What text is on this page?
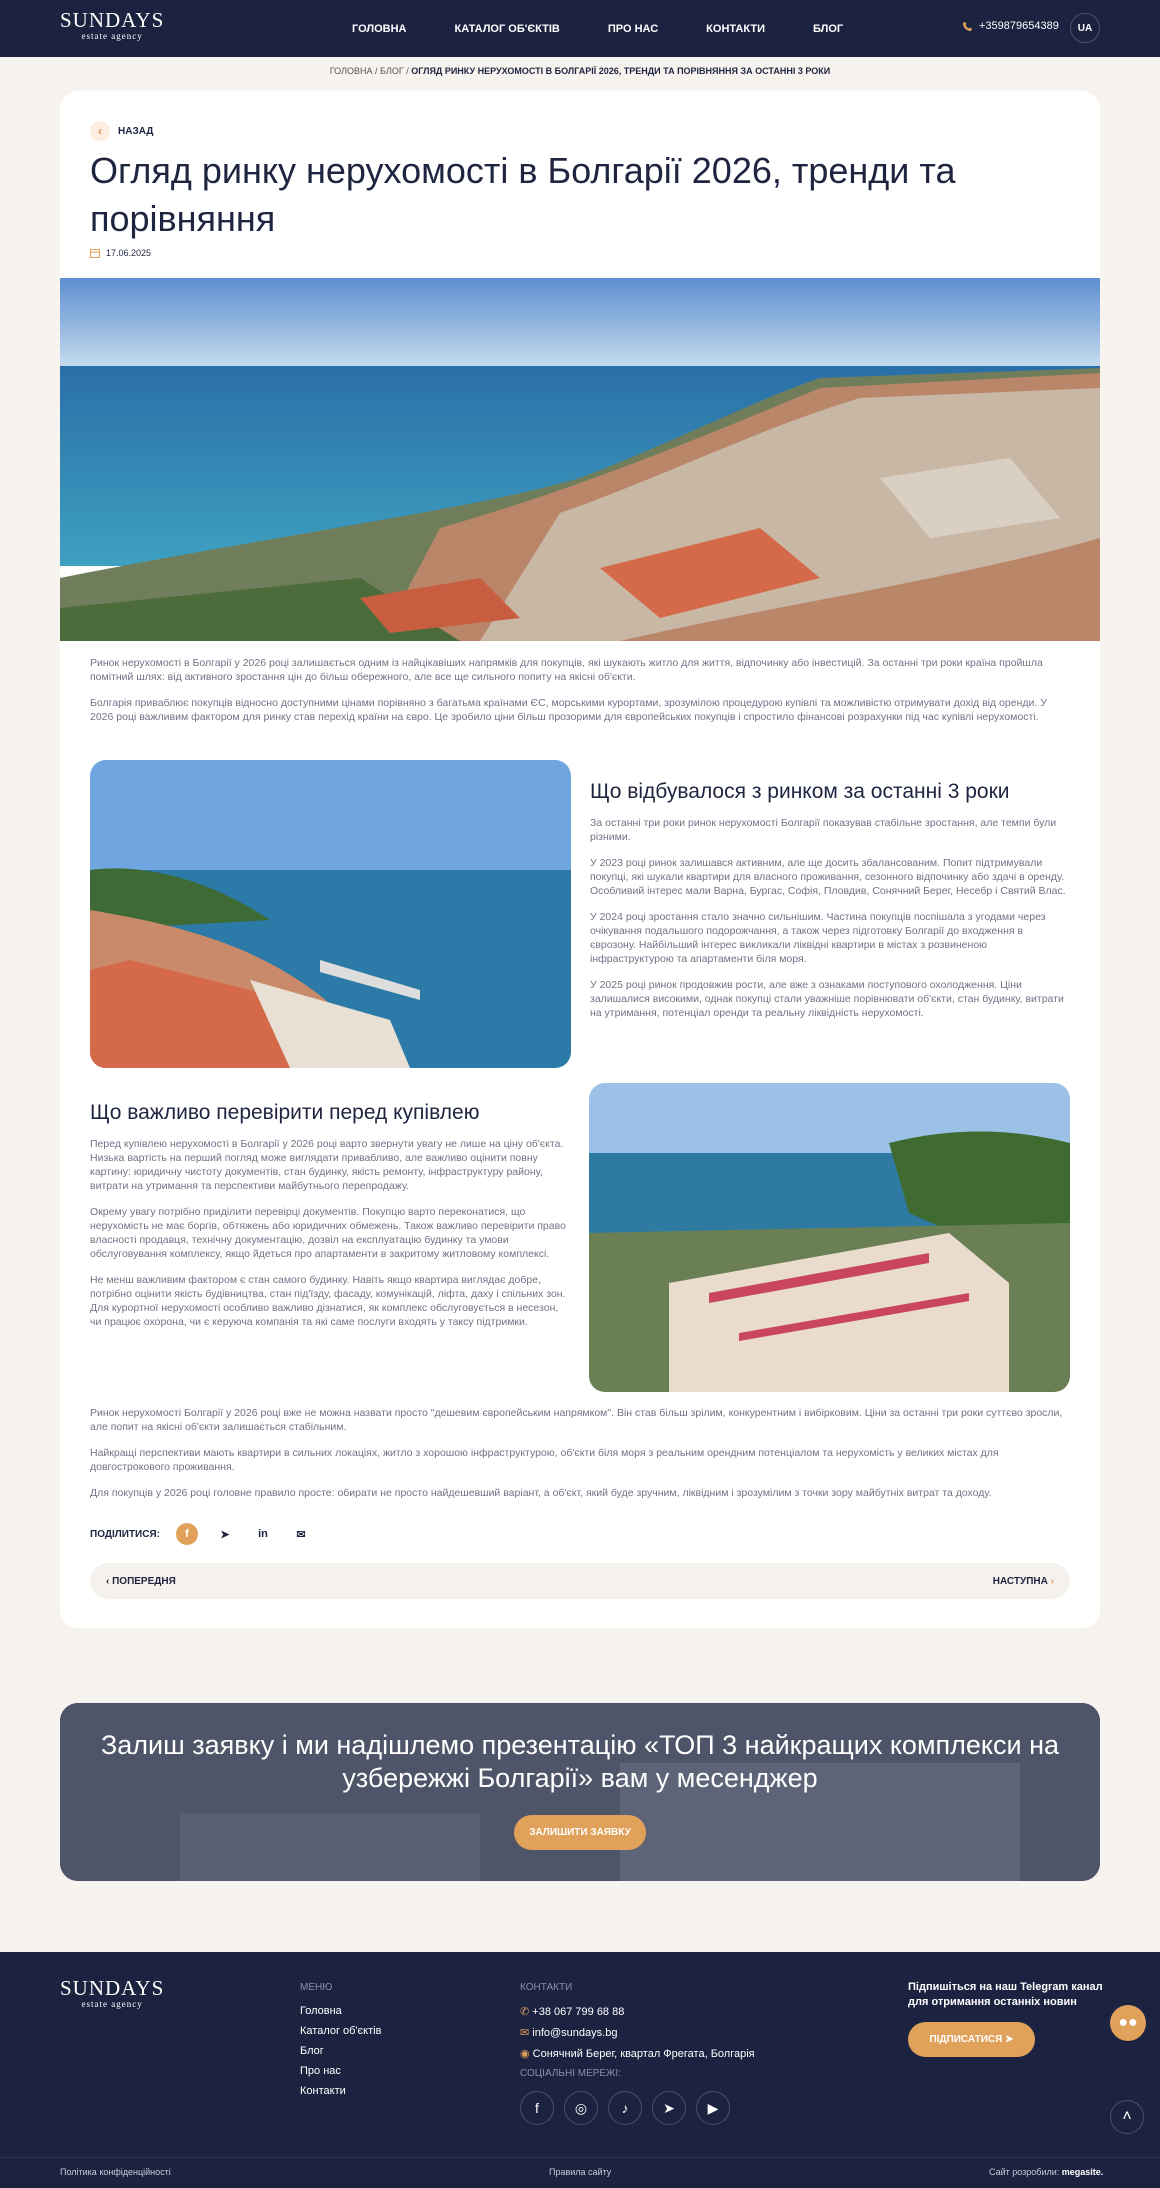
SUNDAYS
estate agency
ГОЛОВНА	КАТАЛОГ ОБ'ЄКТІВ	ПРО НАС	КОНТАКТИ	БЛОГ	+359879654389	UA
ГОЛОВНА / БЛОГ / ОГЛЯД РИНКУ НЕРУХОМОСТІ В БОЛГАРІЇ 2026, ТРЕНДИ ТА ПОРІВНЯННЯ ЗА ОСТАННІ 3 РОКИ
‹	НАЗАД
Огляд ринку нерухомості в Болгарії 2026, тренди та порівняння
17.06.2025

Ринок нерухомості в Болгарії у 2026 році залишається одним із найцікавіших напрямків для покупців, які шукають житло для життя, відпочинку або інвестицій. За останні три роки країна пройшла помітний шлях: від активного зростання цін до більш обережного, але все ще сильного попиту на якісні об'єкти.

Болгарія приваблює покупців відносно доступними цінами порівняно з багатьма країнами ЄС, морськими курортами, зрозумілою процедурою купівлі та можливістю отримувати дохід від оренди. У 2026 році важливим фактором для ринку став перехід країни на євро. Це зробило ціни більш прозорими для європейських покупців і спростило фінансові розрахунки під час купівлі нерухомості.

Що відбувалося з ринком за останні 3 роки

За останні три роки ринок нерухомості Болгарії показував стабільне зростання, але темпи були різними.

У 2023 році ринок залишався активним, але ще досить збалансованим. Попит підтримували покупці, які шукали квартири для власного проживання, сезонного відпочинку або здачі в оренду. Особливий інтерес мали Варна, Бургас, Софія, Пловдив, Сонячний Берег, Несебр і Святий Влас.

У 2024 році зростання стало значно сильнішим. Частина покупців поспішала з угодами через очікування подальшого подорожчання, а також через підготовку Болгарії до входження в єврозону. Найбільший інтерес викликали ліквідні квартири в містах з розвиненою інфраструктурою та апартаменти біля моря.

У 2025 році ринок продовжив рости, але вже з ознаками поступового охолодження. Ціни залишалися високими, однак покупці стали уважніше порівнювати об'єкти, стан будинку, витрати на утримання, потенціал оренди та реальну ліквідність нерухомості.

Що важливо перевірити перед купівлею

Перед купівлею нерухомості в Болгарії у 2026 році варто звернути увагу не лише на ціну об'єкта. Низька вартість на перший погляд може виглядати привабливо, але важливо оцінити повну картину: юридичну чистоту документів, стан будинку, якість ремонту, інфраструктуру району, витрати на утримання та перспективи майбутнього перепродажу.

Окрему увагу потрібно приділити перевірці документів. Покупцю варто переконатися, що нерухомість не має боргів, обтяжень або юридичних обмежень. Також важливо перевірити право власності продавця, технічну документацію, дозвіл на експлуатацію будинку та умови обслуговування комплексу, якщо йдеться про апартаменти в закритому житловому комплексі.

Не менш важливим фактором є стан самого будинку. Навіть якщо квартира виглядає добре, потрібно оцінити якість будівництва, стан під'їзду, фасаду, комунікацій, ліфта, даху і спільних зон. Для курортної нерухомості особливо важливо дізнатися, як комплекс обслуговується в несезон, чи працює охорона, чи є керуюча компанія та які саме послуги входять у таксу підтримки.

Ринок нерухомості Болгарії у 2026 році вже не можна назвати просто "дешевим європейським напрямком". Він став більш зрілим, конкурентним і вибірковим. Ціни за останні три роки суттєво зросли, але попит на якісні об'єкти залишається стабільним.

Найкращі перспективи мають квартири в сильних локаціях, житло з хорошою інфраструктурою, об'єкти біля моря з реальним орендним потенціалом та нерухомість у великих містах для довгострокового проживання.

Для покупців у 2026 році головне правило просте: обирати не просто найдешевший варіант, а об'єкт, який буде зручним, ліквідним і зрозумілим з точки зору майбутніх витрат та доходу.

ПОДІЛИТИСЯ:	f	➤	in	✉
‹ ПОПЕРЕДНЯ	НАСТУПНА ›
Залиш заявку і ми надішлемо презентацію «ТОП 3 найкращих комплекси на узбережжі Болгарії» вам у месенджер
ЗАЛИШИТИ ЗАЯВКУ
SUNDAYS
estate agency
МЕНЮ
Головна
Каталог об'єктів
Блог
Про нас
Контакти
КОНТАКТИ
✆ +38 067 799 68 88
✉ info@sundays.bg
◉ Сонячний Берег, квартал Фрегата, Болгарія
СОЦІАЛЬНІ МЕРЕЖІ:
f	◎	♪	➤	▶
Підпишіться на наш Telegram канал для отримання останніх новин
ПІДПИСАТИСЯ
➤
●●
˄
Політика конфіденційності	Правила сайту	Сайт розробили: megasite.
